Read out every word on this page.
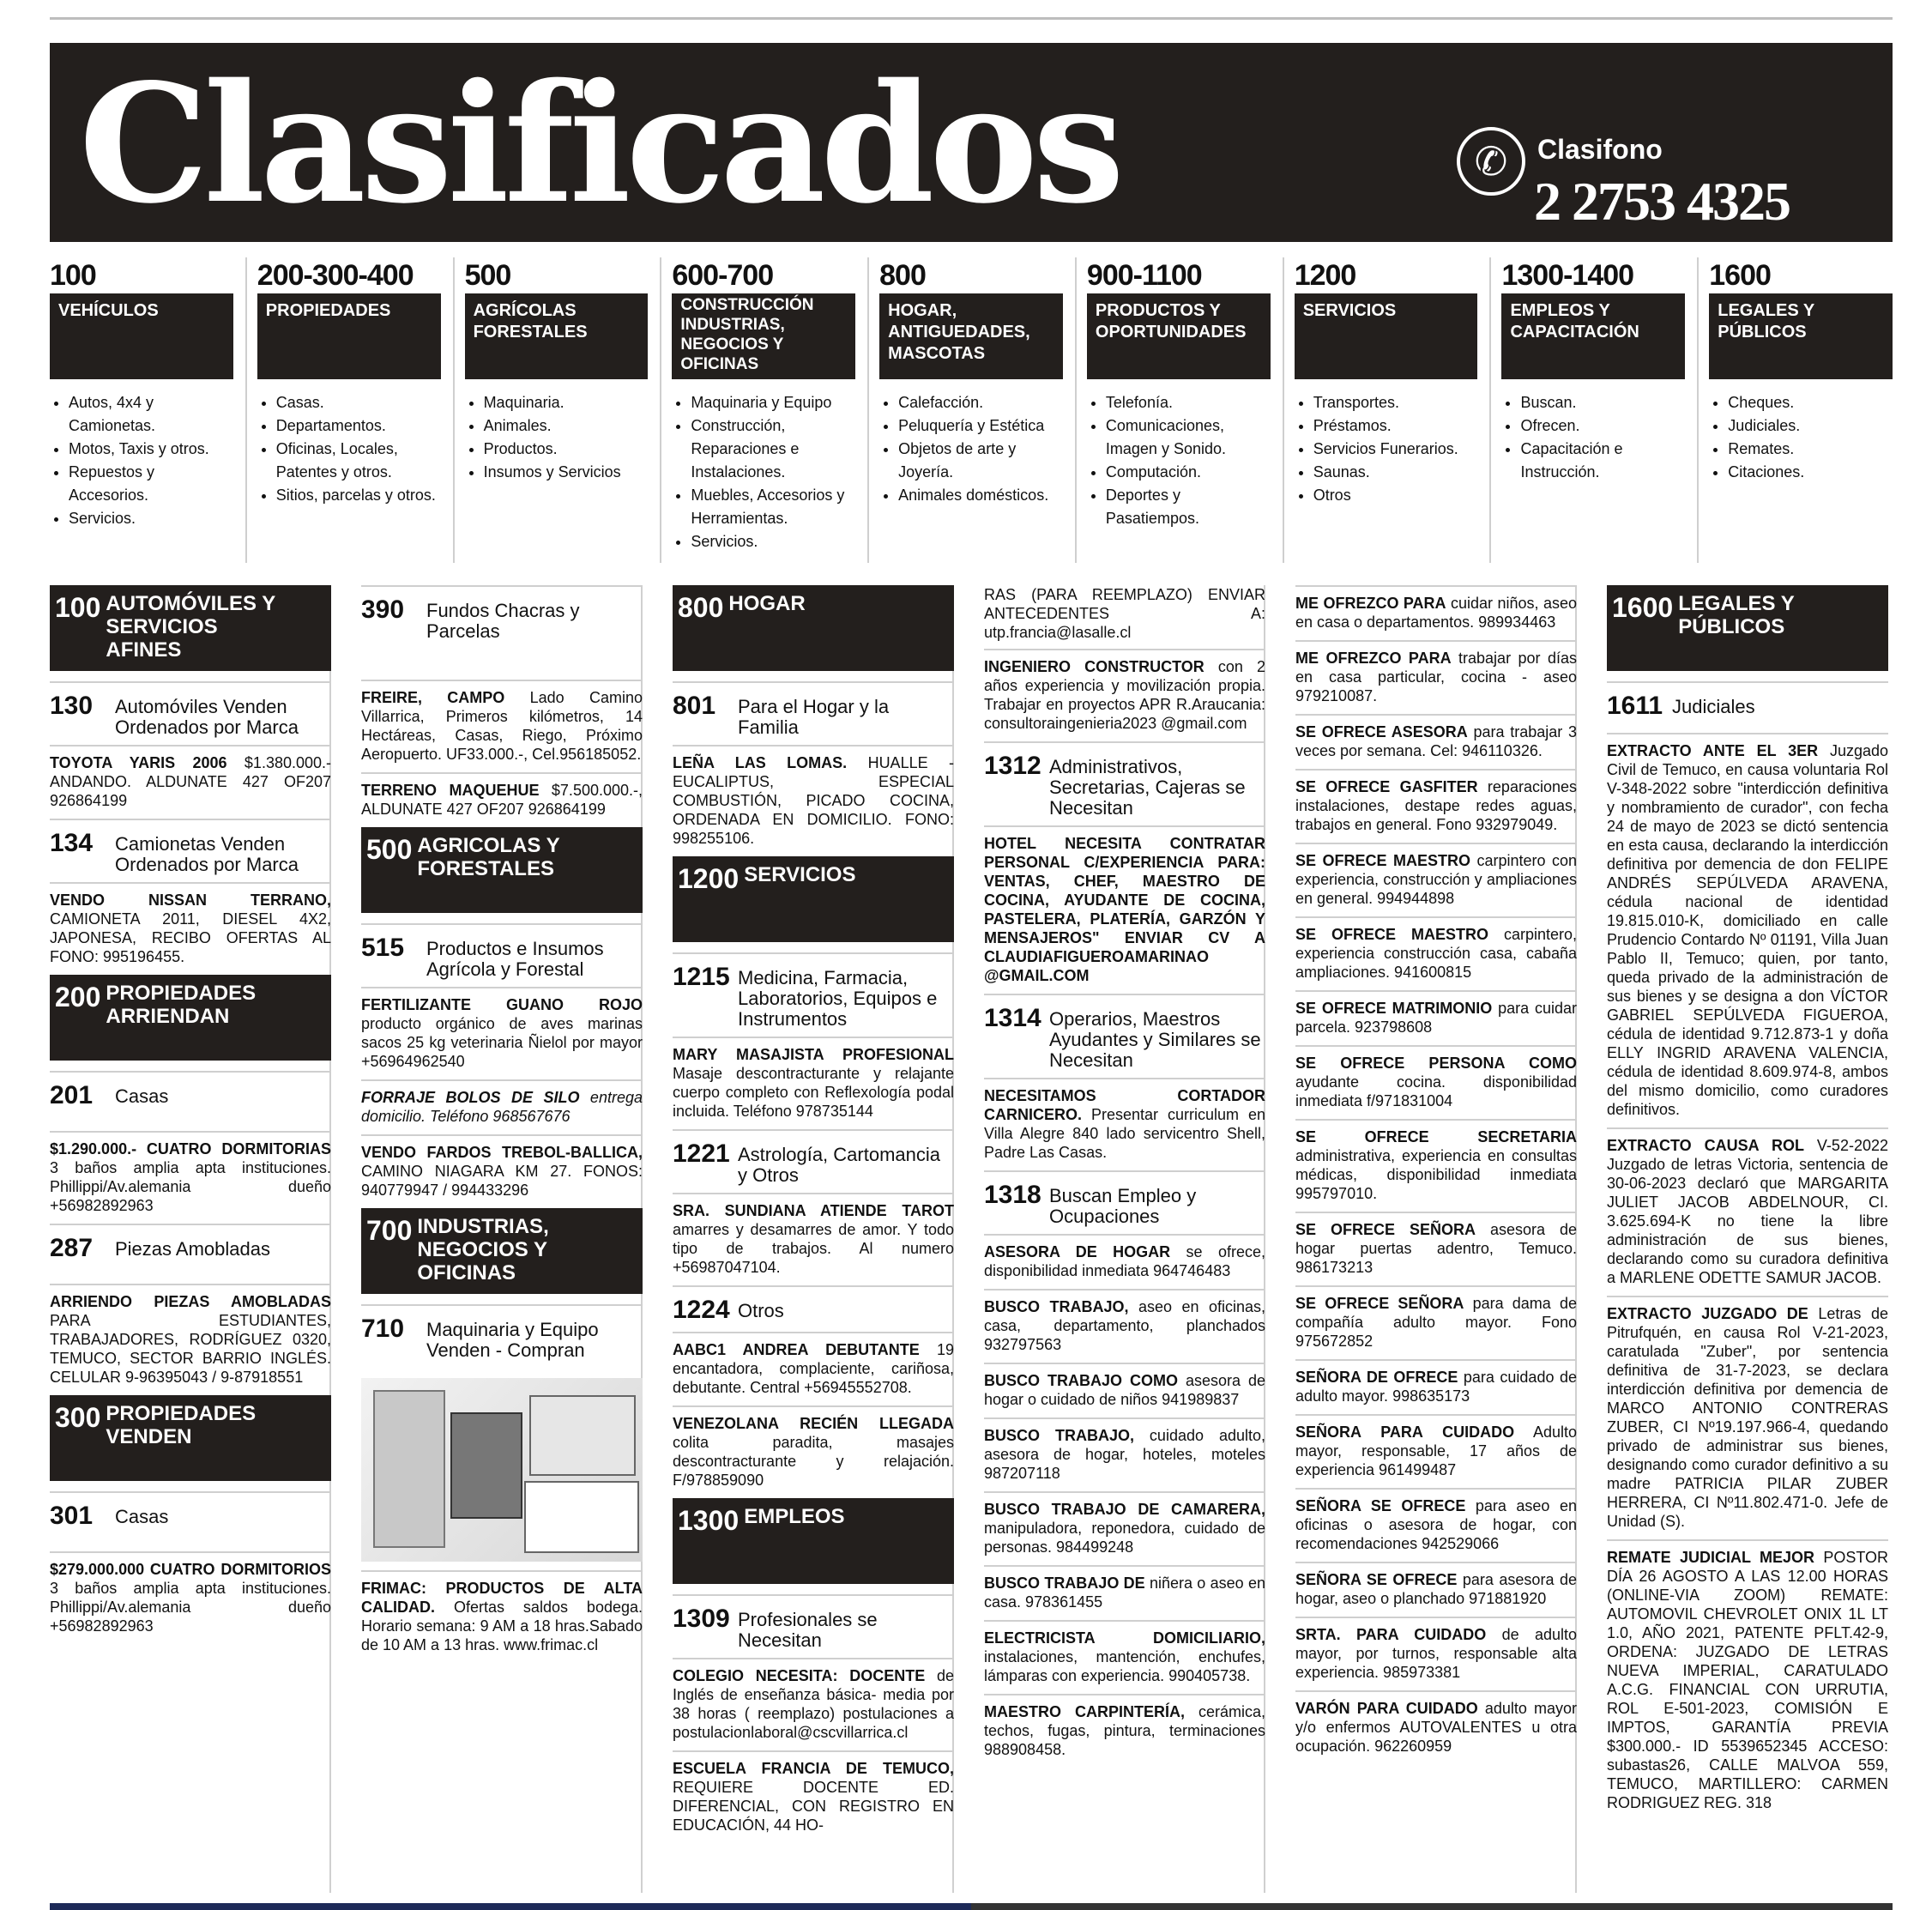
Clasificados	✆	Clasifono
2 2753 4325
100
VEHÍCULOS
• Autos, 4x4 y Camionetas.
• Motos, Taxis y otros.
• Repuestos y Accesorios.
• Servicios.
200-300-400
PROPIEDADES
• Casas.
• Departamentos.
• Oficinas, Locales, Patentes y otros.
• Sitios, parcelas y otros.
500
AGRÍCOLAS FORESTALES
• Maquinaria.
• Animales.
• Productos.
• Insumos y Servicios
600-700
CONSTRUCCIÓN INDUSTRIAS, NEGOCIOS Y OFICINAS
• Maquinaria y Equipo
• Construcción, Reparaciones e Instalaciones.
• Muebles, Accesorios y Herramientas.
• Servicios.
800
HOGAR, ANTIGUEDADES, MASCOTAS
• Calefacción.
• Peluquería y Estética
• Objetos de arte y Joyería.
• Animales domésticos.
900-1100
PRODUCTOS Y OPORTUNIDADES
• Telefonía.
• Comunicaciones, Imagen y Sonido.
• Computación.
• Deportes y Pasatiempos.
1200
SERVICIOS
• Transportes.
• Préstamos.
• Servicios Funerarios.
• Saunas.
• Otros
1300-1400
EMPLEOS Y CAPACITACIÓN
• Buscan.
• Ofrecen.
• Capacitación e Instrucción.
1600
LEGALES Y PÚBLICOS
• Cheques.
• Judiciales.
• Remates.
• Citaciones.
100 AUTOMÓVILES Y SERVICIOS AFINES
130	Automóviles Venden Ordenados por Marca
TOYOTA YARIS 2006 $1.380.000.- ANDANDO. ALDUNATE 427 OF207 926864199
134	Camionetas Venden Ordenados por Marca
VENDO NISSAN TERRANO, CAMIONETA 2011, DIESEL 4X2, JAPONESA, RECIBO OFERTAS AL FONO: 995196455.
200 PROPIEDADES ARRIENDAN
201	Casas
$1.290.000.- CUATRO DORMITORIAS 3 baños amplia apta instituciones. Phillippi/Av.alemania dueño +56982892963
287	Piezas Amobladas
ARRIENDO PIEZAS AMOBLADAS PARA ESTUDIANTES, TRABAJADORES, RODRÍGUEZ 0320, TEMUCO, SECTOR BARRIO INGLÉS. CELULAR 9-96395043 / 9-87918551
300 PROPIEDADES VENDEN
301	Casas
$279.000.000 CUATRO DORMITORIOS 3 baños amplia apta instituciones. Phillippi/Av.alemania dueño +56982892963
390	Fundos Chacras y Parcelas
FREIRE, CAMPO Lado Camino Villarrica, Primeros kilómetros, 14 Hectáreas, Casas, Riego, Próximo Aeropuerto. UF33.000.-, Cel.956185052.
TERRENO MAQUEHUE $7.500.000.-, ALDUNATE 427 OF207 926864199
500 AGRICOLAS Y FORESTALES
515	Productos e Insumos Agrícola y Forestal
FERTILIZANTE GUANO ROJO producto orgánico de aves marinas sacos 25 kg veterinaria Ñielol por mayor +56964962540
FORRAJE BOLOS DE SILO entrega domicilio. Teléfono 968567676
VENDO FARDOS TREBOL-BALLICA, CAMINO NIAGARA KM 27. FONOS: 940779947 / 994433296
700 INDUSTRIAS, NEGOCIOS Y OFICINAS
710	Maquinaria y Equipo Venden - Compran
FRIMAC: PRODUCTOS DE ALTA CALIDAD. Ofertas saldos bodega. Horario semana: 9 AM a 18 hras.Sabado de 10 AM a 13 hras. www.frimac.cl
800 HOGAR
801	Para el Hogar y la Familia
LEÑA LAS LOMAS. HUALLE - EUCALIPTUS, ESPECIAL COMBUSTIÓN, PICADO COCINA, ORDENADA EN DOMICILIO. FONO: 998255106.
1200 SERVICIOS
1215 Medicina, Farmacia, Laboratorios, Equipos e Instrumentos
MARY MASAJISTA PROFESIONAL Masaje descontracturante y relajante cuerpo completo con Reflexología podal incluida. Teléfono 978735144
1221 Astrología, Cartomancia y Otros
SRA. SUNDIANA ATIENDE TAROT amarres y desamarres de amor. Y todo tipo de trabajos. Al numero +56987047104.
1224 Otros
AABC1 ANDREA DEBUTANTE 19 encantadora, complaciente, cariñosa, debutante. Central +56945552708.
VENEZOLANA RECIÉN LLEGADA colita paradita, masajes descontracturante y relajación. F/978859090
1300 EMPLEOS
1309 Profesionales se Necesitan
COLEGIO NECESITA: DOCENTE de Inglés de enseñanza básica- media por 38 horas ( reemplazo) postulaciones a postulacionlaboral@cscvillarrica.cl
ESCUELA FRANCIA DE TEMUCO, REQUIERE DOCENTE ED. DIFERENCIAL, CON REGISTRO EN EDUCACIÓN, 44 HO-
RAS (PARA REEMPLAZO) ENVIAR ANTECEDENTES A: utp.francia@lasalle.cl
INGENIERO CONSTRUCTOR con 2 años experiencia y movilización propia. Trabajar en proyectos APR R.Araucania: consultoraingenieria2023 @gmail.com
1312 Administrativos, Secretarias, Cajeras se Necesitan
HOTEL NECESITA CONTRATAR PERSONAL C/EXPERIENCIA PARA: VENTAS, CHEF, MAESTRO DE COCINA, AYUDANTE DE COCINA, PASTELERA, PLATERÍA, GARZÓN Y MENSAJEROS" ENVIAR CV A CLAUDIAFIGUEROAMARINAO @GMAIL.COM
1314 Operarios, Maestros Ayudantes y Similares se Necesitan
NECESITAMOS CORTADOR CARNICERO. Presentar curriculum en Villa Alegre 840 lado servicentro Shell, Padre Las Casas.
1318 Buscan Empleo y Ocupaciones
ASESORA DE HOGAR se ofrece, disponibilidad inmediata 964746483
BUSCO TRABAJO, aseo en oficinas, casa, departamento, planchados 932797563
BUSCO TRABAJO COMO asesora de hogar o cuidado de niños 941989837
BUSCO TRABAJO, cuidado adulto, asesora de hogar, hoteles, moteles 987207118
BUSCO TRABAJO DE CAMARERA, manipuladora, reponedora, cuidado de personas. 984499248
BUSCO TRABAJO DE niñera o aseo en casa. 978361455
ELECTRICISTA DOMICILIARIO, instalaciones, mantención, enchufes, lámparas con experiencia. 990405738.
MAESTRO CARPINTERÍA, cerámica, techos, fugas, pintura, terminaciones 988908458.
ME OFREZCO PARA cuidar niños, aseo en casa o departamentos. 989934463
ME OFREZCO PARA trabajar por días en casa particular, cocina - aseo 979210087.
SE OFRECE ASESORA para trabajar 3 veces por semana. Cel: 946110326.
SE OFRECE GASFITER reparaciones instalaciones, destape redes aguas, trabajos en general. Fono 932979049.
SE OFRECE MAESTRO carpintero con experiencia, construcción y ampliaciones en general. 994944898
SE OFRECE MAESTRO carpintero, experiencia construcción casa, cabaña ampliaciones. 941600815
SE OFRECE MATRIMONIO para cuidar parcela. 923798608
SE OFRECE PERSONA COMO ayudante cocina. disponibilidad inmediata f/971831004
SE OFRECE SECRETARIA administrativa, experiencia en consultas médicas, disponibilidad inmediata 995797010.
SE OFRECE SEÑORA asesora de hogar puertas adentro, Temuco. 986173213
SE OFRECE SEÑORA para dama de compañía adulto mayor. Fono 975672852
SEÑORA DE OFRECE para cuidado de adulto mayor. 998635173
SEÑORA PARA CUIDADO Adulto mayor, responsable, 17 años de experiencia 961499487
SEÑORA SE OFRECE para aseo en oficinas o asesora de hogar, con recomendaciones 942529066
SEÑORA SE OFRECE para asesora de hogar, aseo o planchado 971881920
SRTA. PARA CUIDADO de adulto mayor, por turnos, responsable alta experiencia. 985973381
VARÓN PARA CUIDADO adulto mayor y/o enfermos AUTOVALENTES u otra ocupación. 962260959
1600 LEGALES Y PÚBLICOS
1611 Judiciales
EXTRACTO ANTE EL 3ER Juzgado Civil de Temuco, en causa voluntaria Rol V-348-2022 sobre "interdicción definitiva y nombramiento de curador", con fecha 24 de mayo de 2023 se dictó sentencia en esta causa, declarando la interdicción definitiva por demencia de don FELIPE ANDRÉS SEPÚLVEDA ARAVENA, cédula nacional de identidad 19.815.010-K, domiciliado en calle Prudencio Contardo Nº 01191, Villa Juan Pablo II, Temuco; quien, por tanto, queda privado de la administración de sus bienes y se designa a don VÍCTOR GABRIEL SEPÚLVEDA FIGUEROA, cédula de identidad 9.712.873-1 y doña ELLY INGRID ARAVENA VALENCIA, cédula de identidad 8.609.974-8, ambos del mismo domicilio, como curadores definitivos.
EXTRACTO CAUSA ROL V-52-2022 Juzgado de letras Victoria, sentencia de 30-06-2023 declaró que MARGARITA JULIET JACOB ABDELNOUR, CI. 3.625.694-K no tiene la libre administración de sus bienes, declarando como su curadora definitiva a MARLENE ODETTE SAMUR JACOB.
EXTRACTO JUZGADO DE Letras de Pitrufquén, en causa Rol V-21-2023, caratulada "Zuber", por sentencia definitiva de 31-7-2023, se declara interdicción definitiva por demencia de MARCO ANTONIO CONTRERAS ZUBER, CI Nº19.197.966-4, quedando privado de administrar sus bienes, designando como curador definitivo a su madre PATRICIA PILAR ZUBER HERRERA, CI Nº11.802.471-0. Jefe de Unidad (S).
REMATE JUDICIAL MEJOR POSTOR DÍA 26 AGOSTO A LAS 12.00 HORAS (ONLINE-VIA ZOOM) REMATE: AUTOMOVIL CHEVROLET ONIX 1L LT 1.0, AÑO 2021, PATENTE PFLT.42-9, ORDENA: JUZGADO DE LETRAS NUEVA IMPERIAL, CARATULADO A.C.G. FINANCIAL CON URRUTIA, ROL E-501-2023, COMISIÓN E IMPTOS, GARANTÍA PREVIA $300.000.- ID 5539652345 ACCESO: subastas26, CALLE MALVOA 559, TEMUCO, MARTILLERO: CARMEN RODRIGUEZ REG. 318
